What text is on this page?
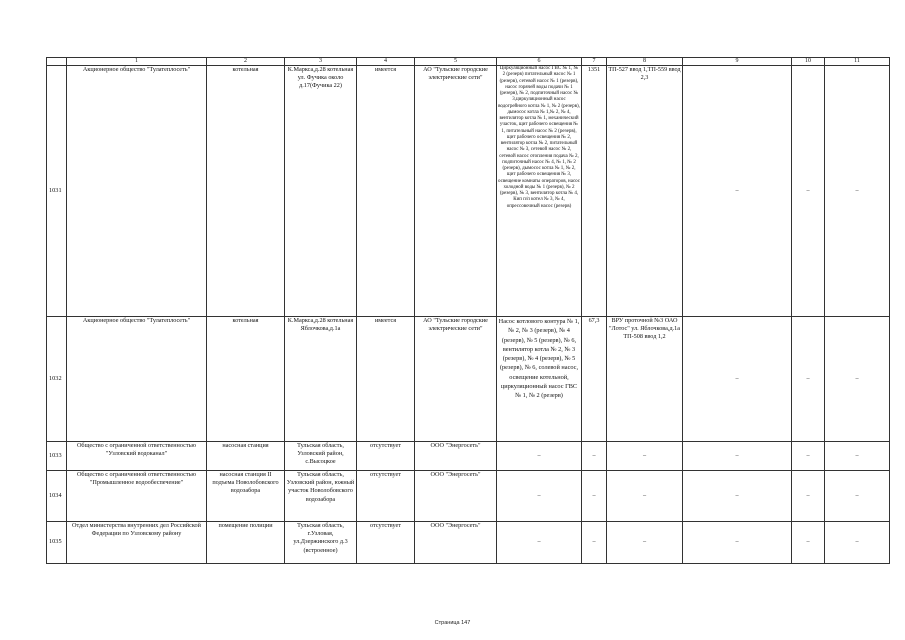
	1	2	3	4	5	6	7	8	9	10	11
1031	Акционерное общество "Тулатеплосеть"	котельная	К.Маркса,д.28 котельная ул. Фучика около д.17(Фучика 22)	имеется	АО "Тульские городские электрические сети"	Циркуляционный насос ГВС № 1, № 2 (резерв) питательный насос № 1 (резерв), сетевой насос № 1 (резерв), насос горячей воды подачи № 1 (резерв), № 2, подпиточный насос № 3,циркуляционный насос водогрейного котла № 1, № 2 (резерв), дымосос котла № 1,№ 2, № 4, вентилятор котла № 1, механический участок, щит рабочего освещения № 1, питательный насос № 2 (резерв), щит рабочего освещения № 2, вентилятор котла № 2, питательный насос № 3, сетевой насос № 2, сетевой насос отопления подача № 2, подпиточный насос № 4, № 1, № 2 (резерв), дымосос котла № 1, № 2, щит рабочего освещения № 3, освещение комнаты операторов, насос холодной воды № 1 (резерв), № 2 (резерв), № 3, вентилятор котла № 4, Кип п/п котел № 3, № 4, опрессовочный насос (резерв)	1351	ТП-527 ввод 1,ТП-559 ввод 2,3	–	–	–
1032	Акционерное общество "Тулатеплосеть"	котельная	К.Маркса,д.28 котельная Яблочкова,д.1а	имеется	АО "Тульские городские электрические сети"	Насос котлового контура № 1, № 2, № 3 (резерв), № 4 (резерв), № 5 (резерв), № 6, вентилятор котла № 2, № 3 (резерв), № 4 (резерв), № 5 (резерв), № 6, солевой насос, освещение котельной, циркуляционный насос ГВС № 1, № 2 (резерв)	67,3	ВРУ проточной №3 ОАО "Лотос" ул. Яблочкова,д.1а ТП-508 ввод 1,2	–	–	–
1033	Общество с ограниченной ответственностью "Узловский водоканал"	насосная станция	Тульская область, Узловский район, с.Высоцкое	отсутствует	ООО "Энергосеть"	–	–	–	–	–	–
1034	Общество с ограниченной ответственностью "Промышленное водообеспечение"	насосная станция II подъема Новолобовского водозабора	Тульская область, Узловский район, южный участок Новолобовского водозабора	отсутствует	ООО "Энергосеть"	–	–	–	–	–	–
1035	Отдел министерства внутренних дел Российской Федерации по Узловскому району	помещение полиции	Тульская область, г.Узловая, ул.Дзержинского д.3 (встроенное)	отсутствует	ООО "Энергосеть"	–	–	–	–	–	–
Страница 147
